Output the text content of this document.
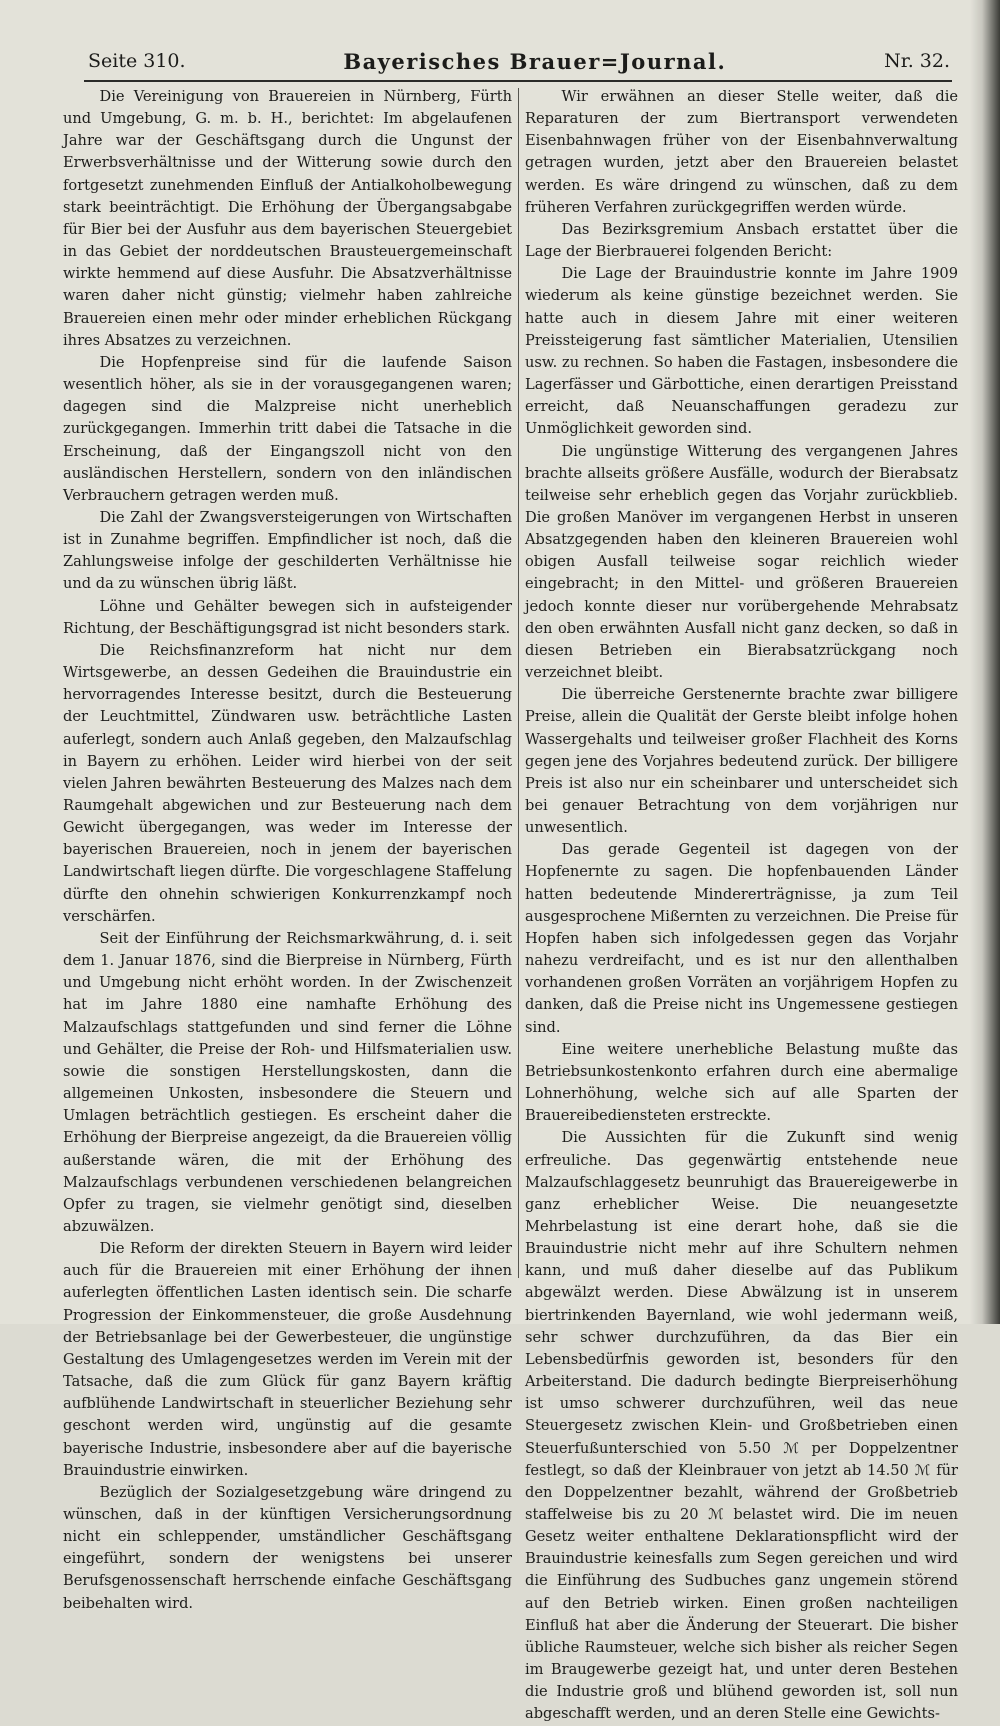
Seite 310.	Bayerisches Brauer=Journal.	Nr. 32.

Die Vereinigung von Brauereien in Nürnberg, Fürth und Umgebung, G. m. b. H., berichtet: Im abgelaufenen Jahre war der Geschäftsgang durch die Ungunst der Erwerbsverhältnisse und der Witterung sowie durch den fortgesetzt zunehmenden Einfluß der Antialkoholbewegung stark beeinträchtigt. Die Erhöhung der Übergangsabgabe für Bier bei der Ausfuhr aus dem bayerischen Steuergebiet in das Gebiet der norddeutschen Brausteuergemeinschaft wirkte hemmend auf diese Ausfuhr. Die Absatzverhältnisse waren daher nicht günstig; vielmehr haben zahlreiche Brauereien einen mehr oder minder erheblichen Rückgang ihres Absatzes zu verzeichnen.

Die Hopfenpreise sind für die laufende Saison wesentlich höher, als sie in der vorausgegangenen waren; dagegen sind die Malzpreise nicht unerheblich zurückgegangen. Immerhin tritt dabei die Tatsache in die Erscheinung, daß der Eingangszoll nicht von den ausländischen Herstellern, sondern von den inländischen Verbrauchern getragen werden muß.

Die Zahl der Zwangsversteigerungen von Wirtschaften ist in Zunahme begriffen. Empfindlicher ist noch, daß die Zahlungsweise infolge der geschilderten Verhältnisse hie und da zu wünschen übrig läßt.

Löhne und Gehälter bewegen sich in aufsteigender Richtung, der Beschäftigungsgrad ist nicht besonders stark.

Die Reichsfinanzreform hat nicht nur dem Wirtsgewerbe, an dessen Gedeihen die Brauindustrie ein hervorragendes Interesse besitzt, durch die Besteuerung der Leuchtmittel, Zündwaren usw. beträchtliche Lasten auferlegt, sondern auch Anlaß gegeben, den Malzaufschlag in Bayern zu erhöhen. Leider wird hierbei von der seit vielen Jahren bewährten Besteuerung des Malzes nach dem Raumgehalt abgewichen und zur Besteuerung nach dem Gewicht übergegangen, was weder im Interesse der bayerischen Brauereien, noch in jenem der bayerischen Landwirtschaft liegen dürfte. Die vorgeschlagene Staffelung dürfte den ohnehin schwierigen Konkurrenzkampf noch verschärfen.

Seit der Einführung der Reichsmarkwährung, d. i. seit dem 1. Januar 1876, sind die Bierpreise in Nürnberg, Fürth und Umgebung nicht erhöht worden. In der Zwischenzeit hat im Jahre 1880 eine namhafte Erhöhung des Malzaufschlags stattgefunden und sind ferner die Löhne und Gehälter, die Preise der Roh- und Hilfsmaterialien usw. sowie die sonstigen Herstellungskosten, dann die allgemeinen Unkosten, insbesondere die Steuern und Umlagen beträchtlich gestiegen. Es erscheint daher die Erhöhung der Bierpreise angezeigt, da die Brauereien völlig außerstande wären, die mit der Erhöhung des Malzaufschlags verbundenen verschiedenen belangreichen Opfer zu tragen, sie vielmehr genötigt sind, dieselben abzuwälzen.

Die Reform der direkten Steuern in Bayern wird leider auch für die Brauereien mit einer Erhöhung der ihnen auferlegten öffentlichen Lasten identisch sein. Die scharfe Progression der Einkommensteuer, die große Ausdehnung der Betriebsanlage bei der Gewerbesteuer, die ungünstige Gestaltung des Umlagengesetzes werden im Verein mit der Tatsache, daß die zum Glück für ganz Bayern kräftig aufblühende Landwirtschaft in steuerlicher Beziehung sehr geschont werden wird, ungünstig auf die gesamte bayerische Industrie, insbesondere aber auf die bayerische Brauindustrie einwirken.

Bezüglich der Sozialgesetzgebung wäre dringend zu wünschen, daß in der künftigen Versicherungsordnung nicht ein schleppender, umständlicher Geschäftsgang eingeführt, sondern der wenigstens bei unserer Berufsgenossenschaft herrschende einfache Geschäftsgang beibehalten wird.

Wir erwähnen an dieser Stelle weiter, daß die Reparaturen der zum Biertransport verwendeten Eisenbahnwagen früher von der Eisenbahnverwaltung getragen wurden, jetzt aber den Brauereien belastet werden. Es wäre dringend zu wünschen, daß zu dem früheren Verfahren zurückgegriffen werden würde.

Das Bezirksgremium Ansbach erstattet über die Lage der Bierbrauerei folgenden Bericht:

Die Lage der Brauindustrie konnte im Jahre 1909 wiederum als keine günstige bezeichnet werden. Sie hatte auch in diesem Jahre mit einer weiteren Preissteigerung fast sämtlicher Materialien, Utensilien usw. zu rechnen. So haben die Fastagen, insbesondere die Lagerfässer und Gärbottiche, einen derartigen Preisstand erreicht, daß Neuanschaffungen geradezu zur Unmöglichkeit geworden sind.

Die ungünstige Witterung des vergangenen Jahres brachte allseits größere Ausfälle, wodurch der Bierabsatz teilweise sehr erheblich gegen das Vorjahr zurückblieb. Die großen Manöver im vergangenen Herbst in unseren Absatzgegenden haben den kleineren Brauereien wohl obigen Ausfall teilweise sogar reichlich wieder eingebracht; in den Mittel- und größeren Brauereien jedoch konnte dieser nur vorübergehende Mehrabsatz den oben erwähnten Ausfall nicht ganz decken, so daß in diesen Betrieben ein Bierabsatzrückgang noch verzeichnet bleibt.

Die überreiche Gerstenernte brachte zwar billigere Preise, allein die Qualität der Gerste bleibt infolge hohen Wassergehalts und teilweiser großer Flachheit des Korns gegen jene des Vorjahres bedeutend zurück. Der billigere Preis ist also nur ein scheinbarer und unterscheidet sich bei genauer Betrachtung von dem vorjährigen nur unwesentlich.

Das gerade Gegenteil ist dagegen von der Hopfenernte zu sagen. Die hopfenbauenden Länder hatten bedeutende Mindererträgnisse, ja zum Teil ausgesprochene Mißernten zu verzeichnen. Die Preise für Hopfen haben sich infolgedessen gegen das Vorjahr nahezu verdreifacht, und es ist nur den allenthalben vorhandenen großen Vorräten an vorjährigem Hopfen zu danken, daß die Preise nicht ins Ungemessene gestiegen sind.

Eine weitere unerhebliche Belastung mußte das Betriebsunkostenkonto erfahren durch eine abermalige Lohnerhöhung, welche sich auf alle Sparten der Brauereibediensteten erstreckte.

Die Aussichten für die Zukunft sind wenig erfreuliche. Das gegenwärtig entstehende neue Malzaufschlaggesetz beunruhigt das Brauereigewerbe in ganz erheblicher Weise. Die neuangesetzte Mehrbelastung ist eine derart hohe, daß sie die Brauindustrie nicht mehr auf ihre Schultern nehmen kann, und muß daher dieselbe auf das Publikum abgewälzt werden. Diese Abwälzung ist in unserem biertrinkenden Bayernland, wie wohl jedermann weiß, sehr schwer durchzuführen, da das Bier ein Lebensbedürfnis geworden ist, besonders für den Arbeiterstand. Die dadurch bedingte Bierpreiserhöhung ist umso schwerer durchzuführen, weil das neue Steuergesetz zwischen Klein- und Großbetrieben einen Steuerfußunterschied von 5.50 ℳ per Doppelzentner festlegt, so daß der Kleinbrauer von jetzt ab 14.50 ℳ für den Doppelzentner bezahlt, während der Großbetrieb staffelweise bis zu 20 ℳ belastet wird. Die im neuen Gesetz weiter enthaltene Deklarationspflicht wird der Brauindustrie keinesfalls zum Segen gereichen und wird die Einführung des Sudbuches ganz ungemein störend auf den Betrieb wirken. Einen großen nachteiligen Einfluß hat aber die Änderung der Steuerart. Die bisher übliche Raumsteuer, welche sich bisher als reicher Segen im Braugewerbe gezeigt hat, und unter deren Bestehen die Industrie groß und blühend geworden ist, soll nun abgeschafft werden, und an deren Stelle eine Gewichts-
